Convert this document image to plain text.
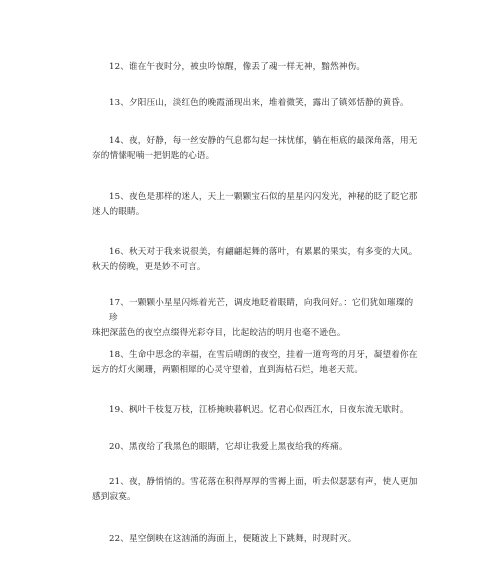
12、谁在午夜时分，被虫吟惊醒，像丢了魂一样无神，黯然神伤。

13、夕阳压山，淡红色的晚霞涌现出来，堆着微笑，露出了镇郊恬静的黄昏。

14、夜，好静，每一丝安静的气息都勾起一抹忧郁，躺在柜底的最深角落，用无
奈的情愫呢喃一把钥匙的心语。

15、夜色是那样的迷人，天上一颗颗宝石似的星星闪闪发光，神秘的眨了眨它那
迷人的眼睛。

16、秋天对于我来说很美，有翩翩起舞的落叶，有累累的果实，有多变的大风。
秋天的傍晚，更是妙不可言。

17、一颗颗小星星闪烁着光芒，调皮地眨着眼睛，向我问好。：它们犹如璀璨的珍
珠把深蓝色的夜空点缀得光彩夺目，比起皎洁的明月也毫不逊色。

18、生命中思念的幸福，在雪后晴朗的夜空，挂着一道弯弯的月牙，凝望着你在
远方的灯火阑珊，两颗相犀的心灵守望着，直到海枯石烂，地老天荒。

19、枫叶千枝复万枝，江桥掩映暮帆迟。忆君心似西江水，日夜东流无歇时。

20、黑夜给了我黑色的眼睛，它却让我爱上黑夜给我的疼痛。

21、夜，静悄悄的。雪花落在积得厚厚的雪褥上面，听去似瑟瑟有声，使人更加
感到寂寞。

22、星空倒映在这汹涌的海面上，便随波上下跳舞，时现时灭。
